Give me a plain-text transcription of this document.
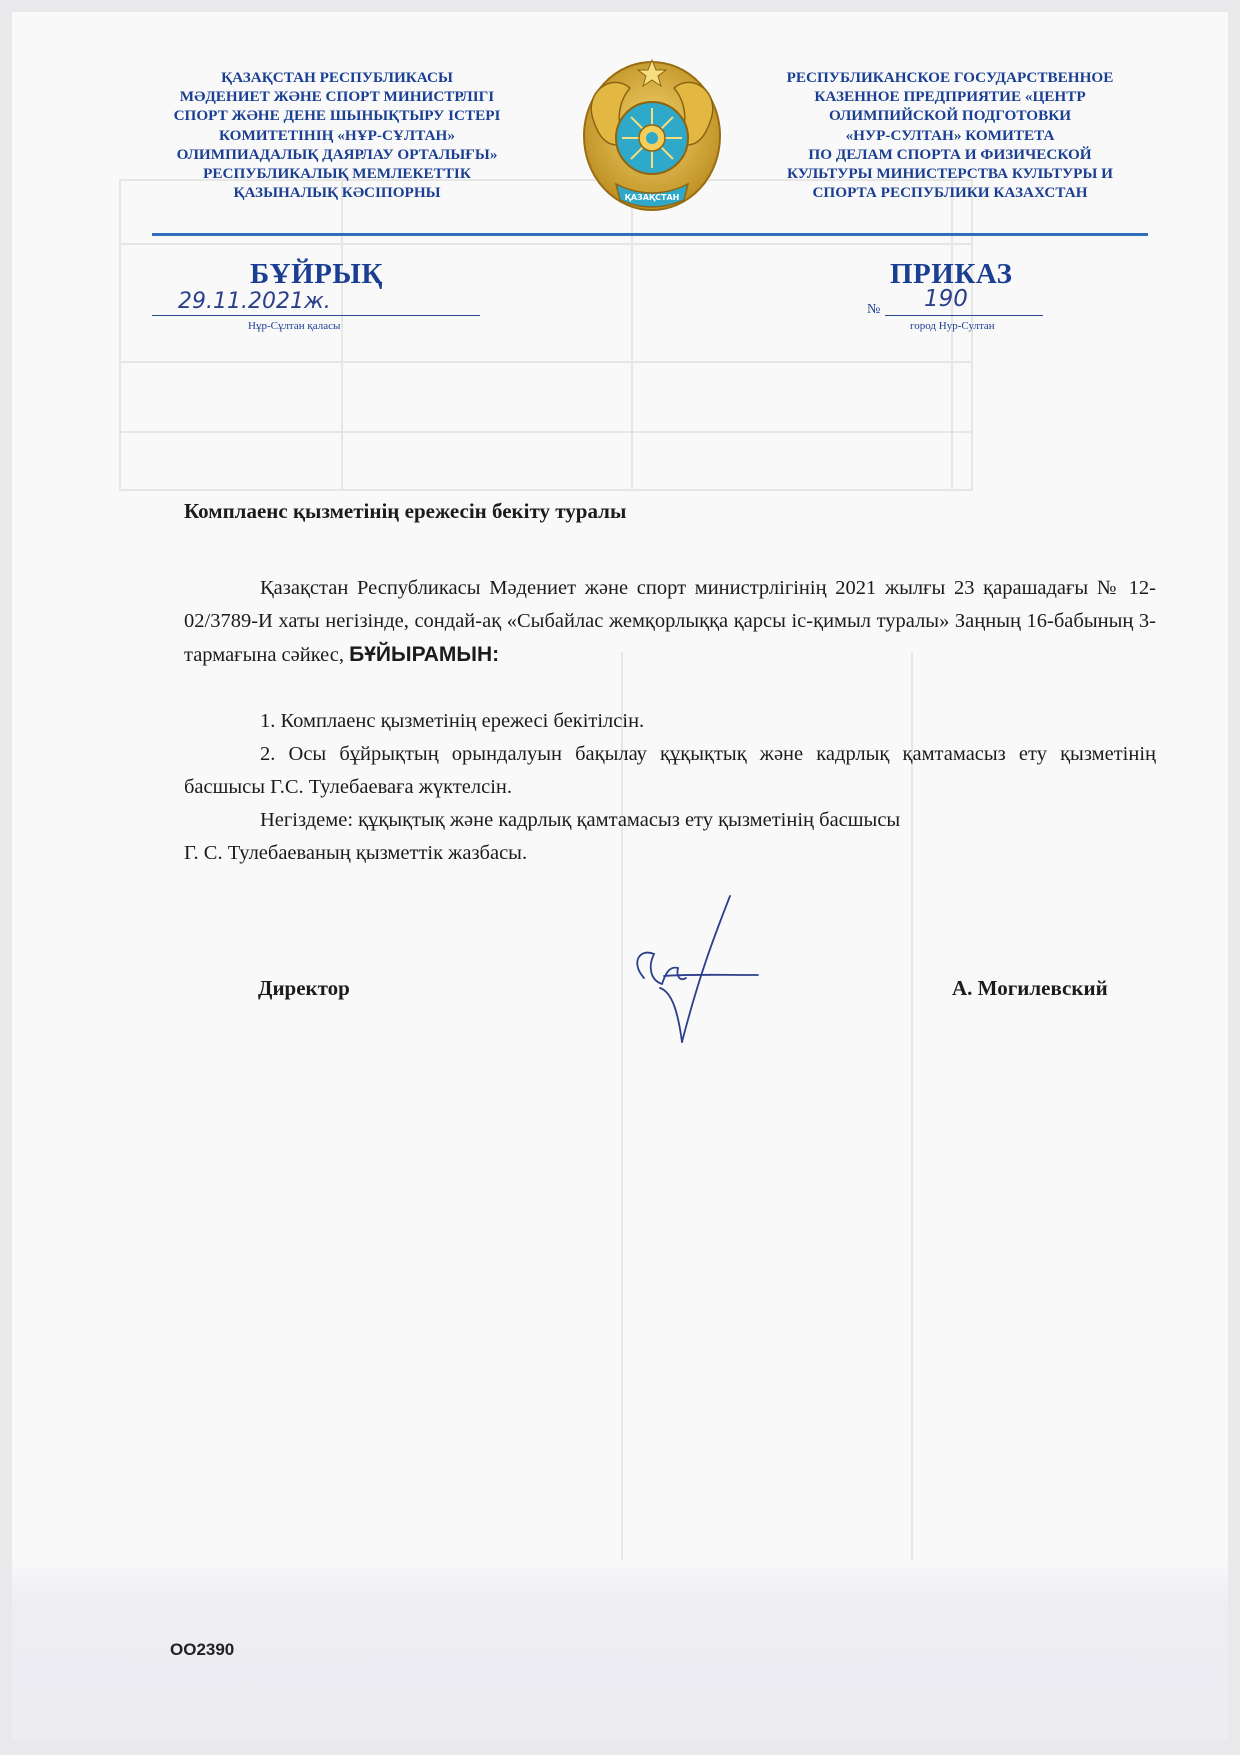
ҚАЗАҚСТАН РЕСПУБЛИКАСЫ
МӘДЕНИЕТ ЖӘНЕ СПОРТ МИНИСТРЛІГІ
СПОРТ ЖӘНЕ ДЕНЕ ШЫНЫҚТЫРУ ІСТЕРІ
КОМИТЕТІНІҢ «НҰР-СҰЛТАН»
ОЛИМПИАДАЛЫҚ ДАЯРЛАУ ОРТАЛЫҒЫ»
РЕСПУБЛИКАЛЫҚ МЕМЛЕКЕТТІК
ҚАЗЫНАЛЫҚ КӘСІПОРНЫ	ҚАЗАҚСТАН
РЕСПУБЛИКАНСКОЕ ГОСУДАРСТВЕННОЕ
КАЗЕННОЕ ПРЕДПРИЯТИЕ «ЦЕНТР
ОЛИМПИЙСКОЙ ПОДГОТОВКИ
«НУР-СУЛТАН» КОМИТЕТА
ПО ДЕЛАМ СПОРТА И ФИЗИЧЕСКОЙ
КУЛЬТУРЫ МИНИСТЕРСТВА КУЛЬТУРЫ И
СПОРТА РЕСПУБЛИКИ КАЗАХСТАН
БҰЙРЫҚ	ПРИКАЗ
29.11.2021ж.
Нұр-Сұлтан қаласы
№ 190
город Нур-Султан
Комплаенс қызметінің ережесін бекіту туралы
Қазақстан Республикасы Мәдениет және спорт министрлігінің 2021 жылғы 23 қарашадағы № 12-02/3789-И хаты негізінде, сондай-ақ «Сыбайлас жемқорлыққа қарсы іс-қимыл туралы» Заңның 16-бабының 3-тармағына сәйкес, БҰЙЫРАМЫН:
1. Комплаенс қызметінің ережесі бекітілсін.
2. Осы бұйрықтың орындалуын бақылау құқықтық және кадрлық қамтамасыз ету қызметінің басшысы Г.С. Тулебаеваға жүктелсін.
Негіздеме: құқықтық және кадрлық қамтамасыз ету қызметінің басшысы
Г. С. Тулебаеваның қызметтік жазбасы.
Директор	А. Могилевский
ОО2390
